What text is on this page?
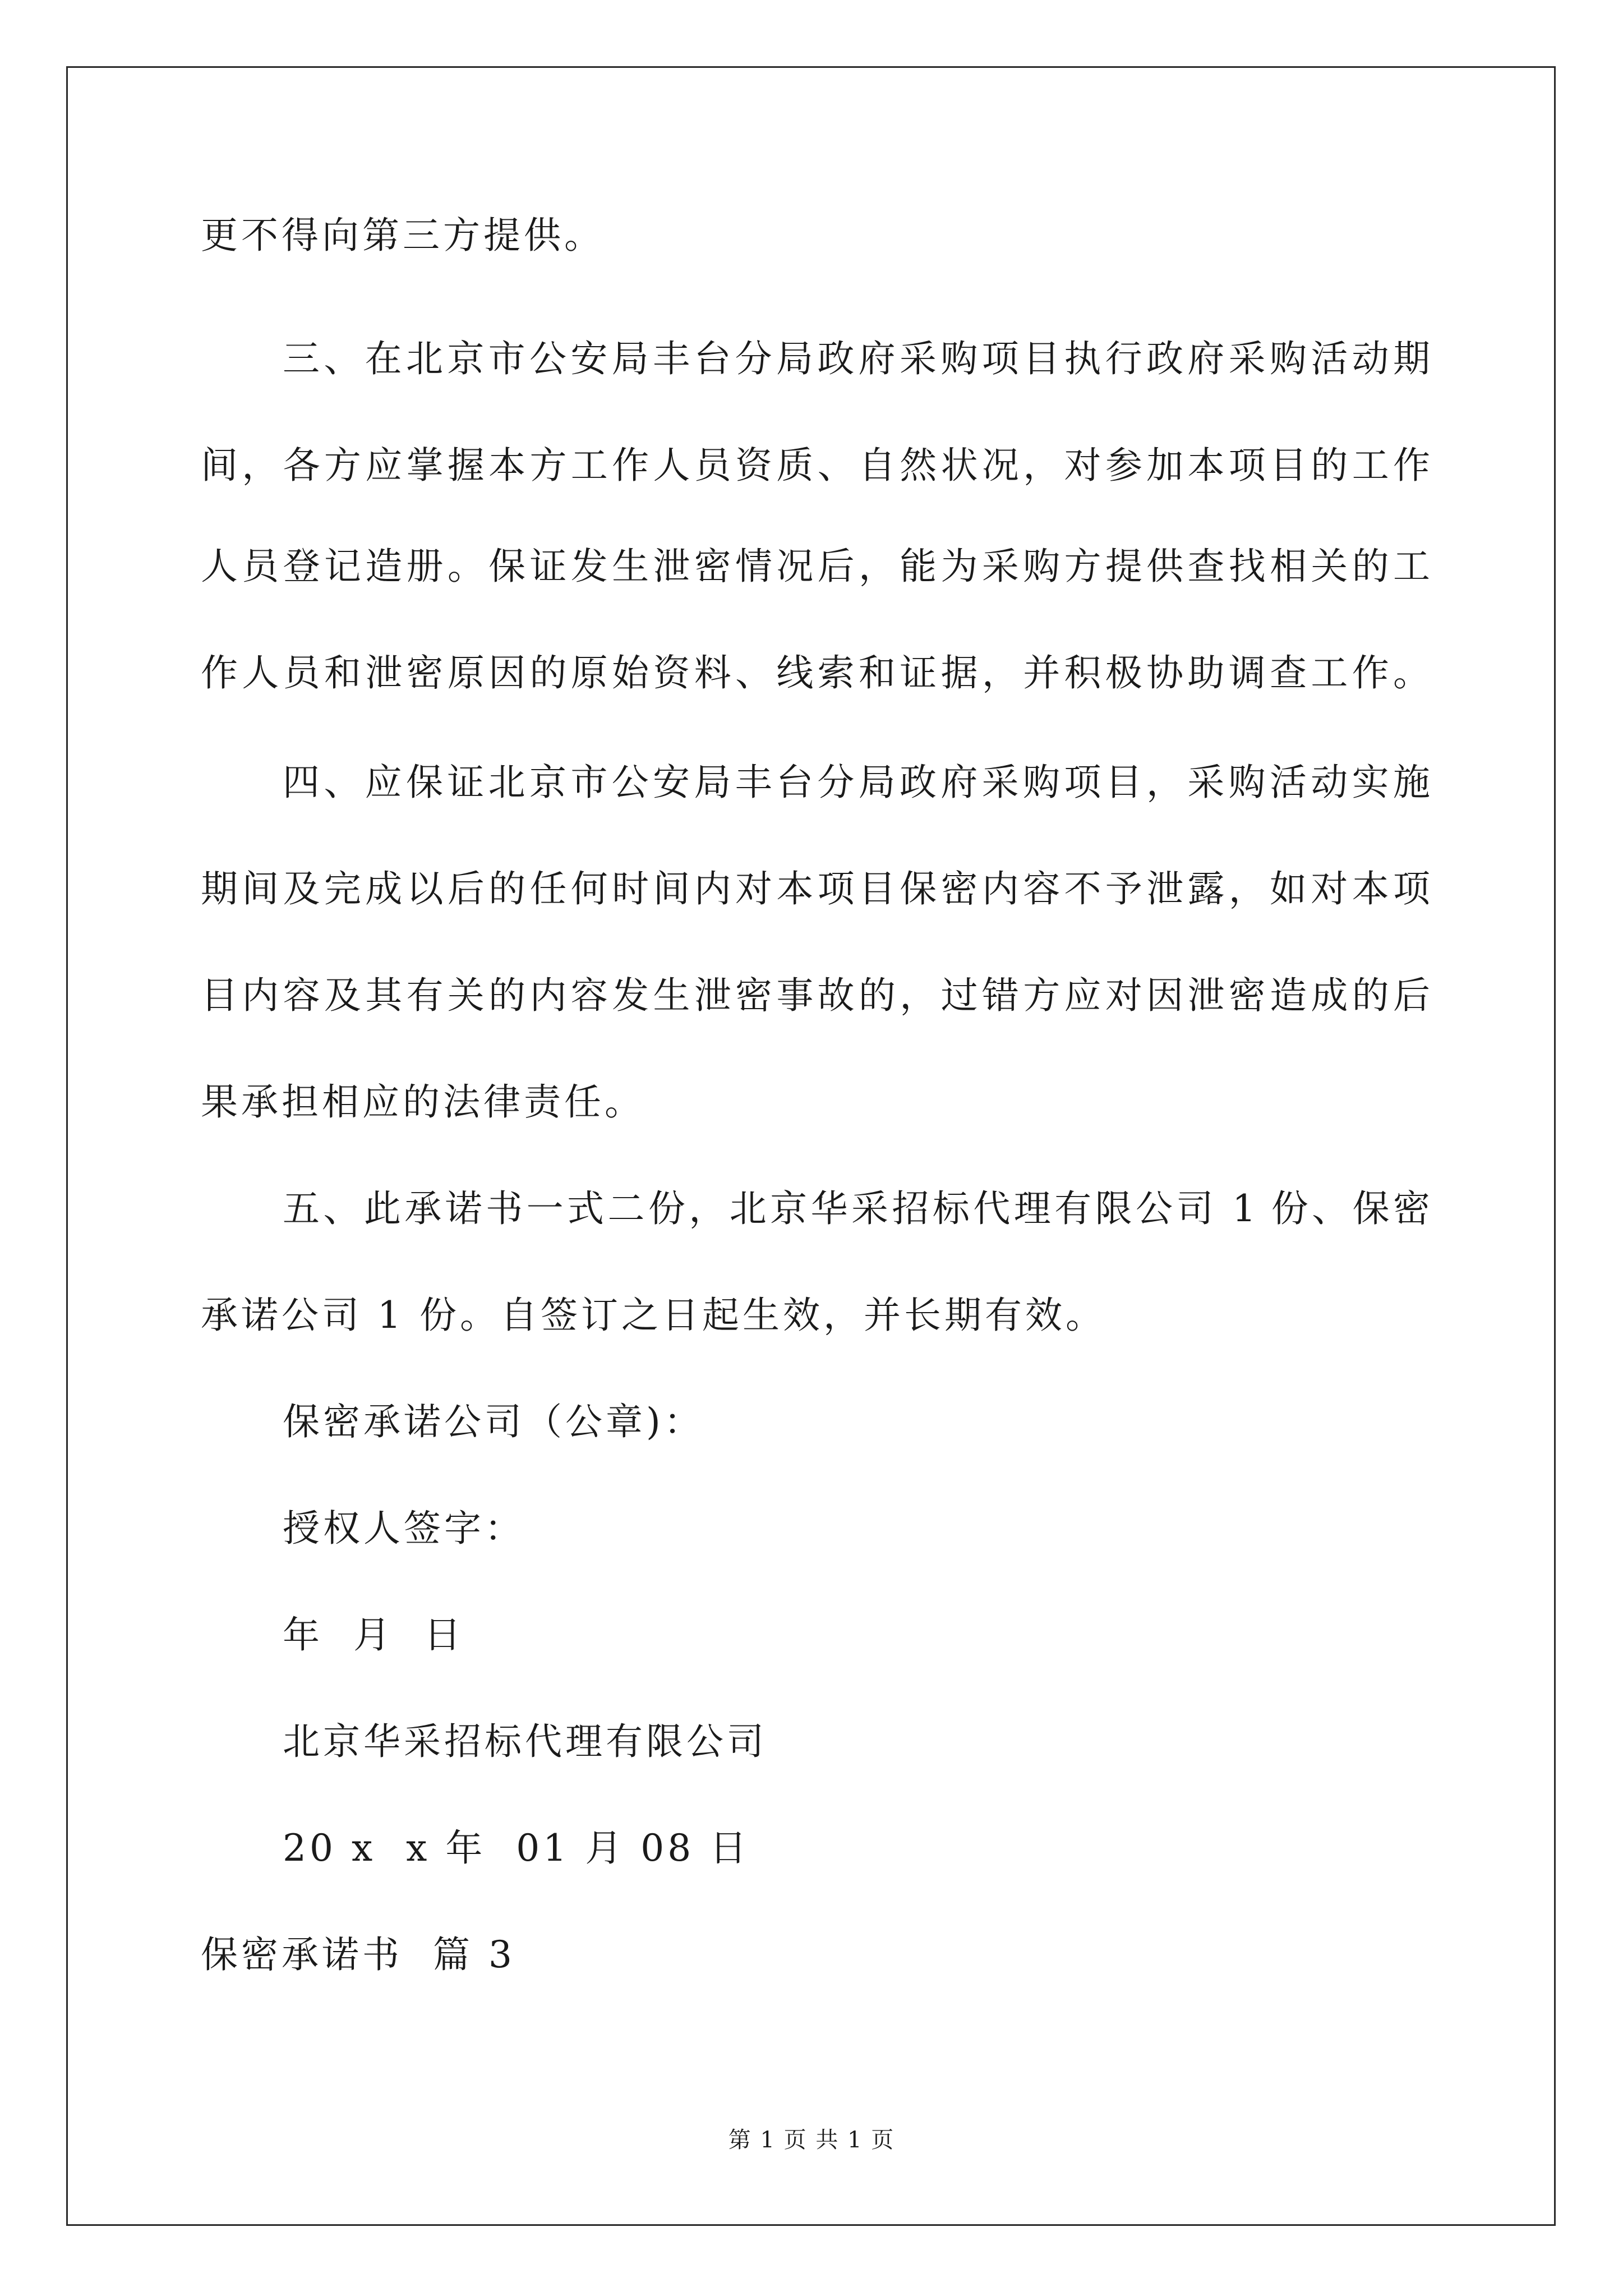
更不得向第三方提供。
三、在北京市公安局丰台分局政府采购项目执行政府采购活动期
间，各方应掌握本方工作人员资质、自然状况，对参加本项目的工作
人员登记造册。保证发生泄密情况后，能为采购方提供查找相关的工
作人员和泄密原因的原始资料、线索和证据，并积极协助调查工作。
四、应保证北京市公安局丰台分局政府采购项目，采购活动实施
期间及完成以后的任何时间内对本项目保密内容不予泄露，如对本项
目内容及其有关的内容发生泄密事故的，过错方应对因泄密造成的后
果承担相应的法律责任。
五、此承诺书一式二份，北京华采招标代理有限公司 1 份、保密
承诺公司 1 份。自签订之日起生效，并长期有效。
保密承诺公司（公章)：
授权人签字：
年  月  日
北京华采招标代理有限公司
20 x  x 年  01 月 08 日
保密承诺书  篇 3
第 1 页 共 1 页
